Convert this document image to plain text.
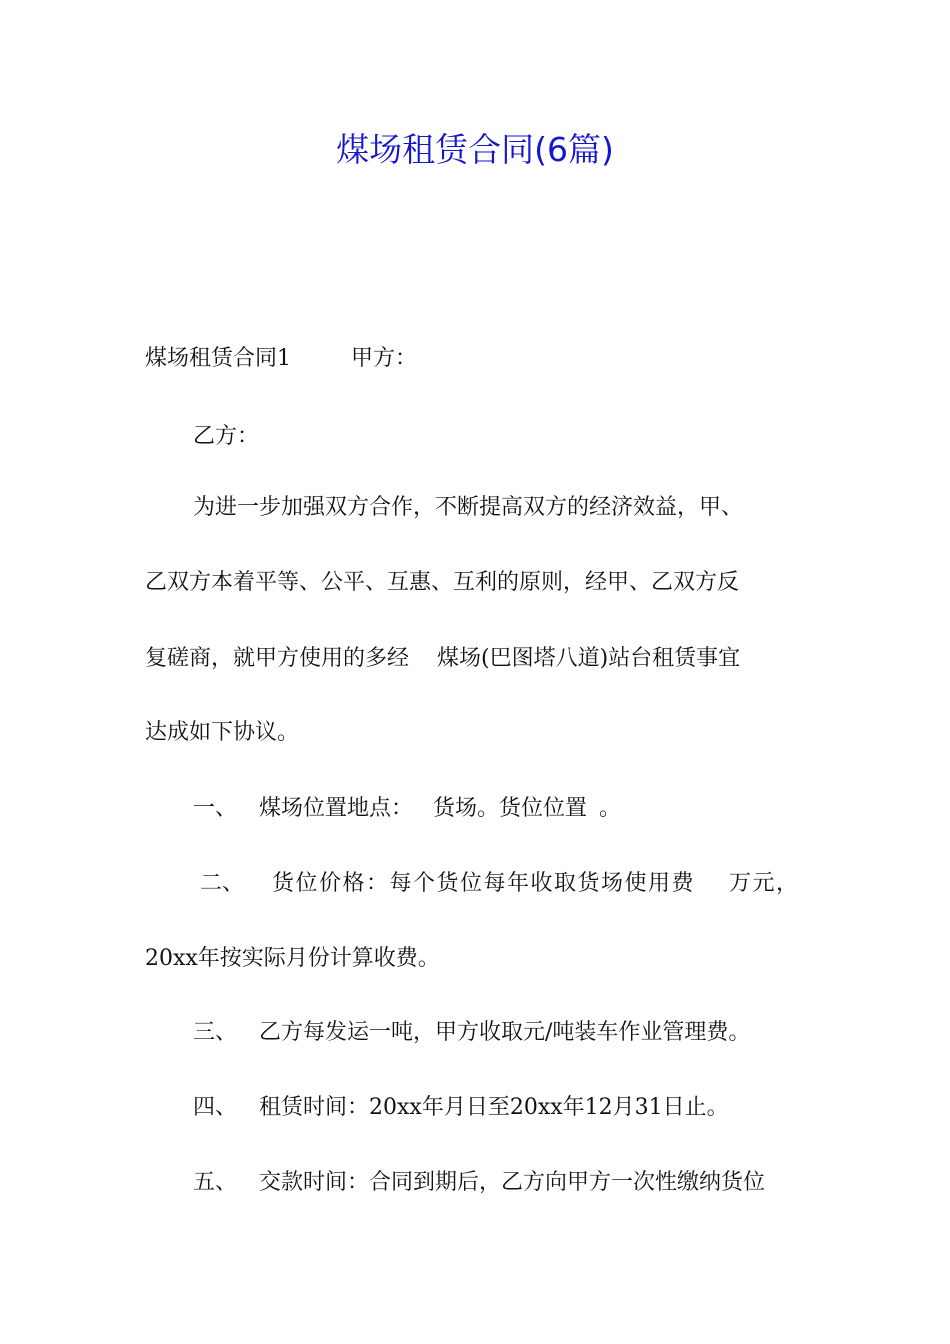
煤场租赁合同(6篇)
煤场租赁合同1	甲方：
乙方：
为进一步加强双方合作，不断提高双方的经济效益，甲、
乙双方本着平等、公平、互惠、互利的原则，经甲、乙双方反
复磋商，就甲方使用的多经 煤场(巴图塔八道)站台租赁事宜
达成如下协议。
一、 煤场位置地点： 货场。货位位置 。
二、 货位价格：每个货位每年收取货场使用费 万元，
20xx年按实际月份计算收费。
三、 乙方每发运一吨，甲方收取元/吨装车作业管理费。
四、 租赁时间：20xx年月日至20xx年12月31日止。
五、 交款时间：合同到期后，乙方向甲方一次性缴纳货位
